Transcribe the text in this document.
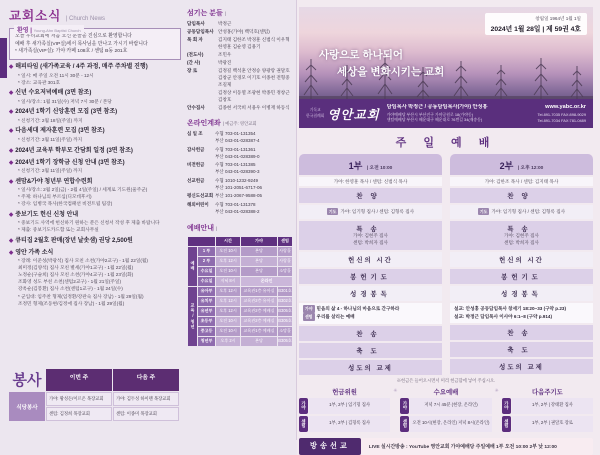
교회소식 | Church News
환영 | Young-Ahn Baptist Church
오늘 우리교회에 처음 오신 분들을 진심으로 환영합니다
예배 후 새가족실(VIP실)에서 목사님을 만나고 가시기 바랍니다
* 새가족실(VIP실): 가야 카페 108호 / 센텀 B동 201호
◆ 해피타임 (새가족교육 / 4주 과정, 매주 주차별 진행)
* 일시: 매 주일 오전 11시 30분 - 12시
* 장소: 교육관 301호
◆ 신년 수요저녁예배 (3면 참조)
* 일시/장소: 1월 31일(수) 저녁 7시 30분 / 본당
◆ 2024년 1학기 신앙훈련 모집 (3면 참조)
* 신청기간: 2월 18일(주일) 까지
◆ 다음세대 제자훈련 모집 (3면 참조)
* 신청기간: 2월 11일(주일) 까지
◆ 2024년 교육부 학부모 간담회 일정 (3면 참조)
◆ 2024년 1학기 장학금 신청 안내 (3면 참조)
* 신청기간: 2월 11일(주일) 까지
◆ 센맘&가야 청년부 연합수련회
* 일시/장소: 2월 2일(금) - 2월 4일(주일) / 세계로 기도원(울주군)
* 주제: 하나님의 부르심(디모데후서)
* 강사: 임병국 목사(한국컴패션 비전트립 팀장)
◆ 중보기도 헌신 신청 안내
* 중보기도 사역에 헌신하기 원하는 분은 신청서 작성 후 제출 바랍니다
* 제출: 중보기도카드함 또는 교회사무실
◆ 큐티집 2월호 판매(장년 날솟샘) 권당 2,500원
◆ 영안 가족 소식
* 장례: 이준성(박광석) 집사 모친 소천(가야2교구) - 1월 22일(월)
최미정(김양석) 집사 모친 별세(가야1교구) - 1월 22일(월)
노정순(구슬희) 집사 모친 소천(가야4교구) - 1월 23일(화)
조화영 성도 부친 소천(센텀2교구) - 1월 21일(주일)
강옥순(김봉환) 집사 소천(센텀1교구) - 1월 24일(수)
* 군입대: 임주찬 형제(임정환/강관숙 집사 장남) - 1월 29일(월)
조정민 형제(조동현/김정애 집사 장남) - 1월 29일(월)
봉사	이번 주	다음 주
식당봉사
가야: 황성돈/이르온 목장교회	가야: 김두성 하이랜 목장교회
센텀: 김정희 목장교회	센텀: 이종미 목장교회
섬기는 분들 |
담임목사	박정근
공동담임목사 안성홍(가야) 백덕호(센텀)
목 회 자	김지태 김한조 박경훈 신범식 이우혁 한영훈 김순영 김용기
(전도사)	조민우
(간 사)	박광진
장 로	김정길 백석훈 안정승 양광랑 권달호 김창군 안경모 이기호 이종천 전형중 조길제
김정상 이동열 조광현 박종민 정창근 김창호
안수집사	김종현 서국희 서용우 이병재 하동식
온라인계좌 | 예금주: 영안교회
십 일 조	수협 703-01-131354
부산 043-01-028387-4
감사헌금	수협 703-01-131361
부산 043-01-028389-0
비전헌금	수협 703-01-131385
부산 043-01-028390-3
선교헌금	수협 1010-1232-9249
부산 101-2051-6717-06
평신도선교회 부산 101-2067-9588-05
해외어린이	수협 703-01-131378
부산 043-01-028388-2
예배안내 |
		시간	가야	센텀
예배	1 부	오전 10시	본당	사랑홀
	2 부	오후 12시	본당	사랑홀
	수요일	오전 10시	본당	소망홀
	수요일	저녁 8시	온라인	
교육/청년	유아부	오후 12시	교육관1층 유아실	B301호
	유치부	오후 12시	교육관2층 유아실	B302호
	유년부	오후 12시	교육관2층 예배실	B305호
	초등부	오전 10시	교육관2층 예배실	B305호
	중고등	오전 10시	교육관1층 예배실	소망홀
	청년부	오후 2시	본당	B305호
창립일 1964년 1월 1일
2024년 1월 28일 | 제 59권 4호
사랑으로 하나되어
세상을 변화시키는 교회
기독교
한국침례회 영안교회
담임목사 박정근 / 공동담임목사(가야) 안성홍
가야예배당 부산시 부산진구 가야공원로 18(가야동)
센텀예배당 부산시 해운대구 해운대로 76번길 34(재송동)
www.yabc.or.kr
Tel.891-7035 FAX:898-9029
Tel.891-7034 FAX:781-0489
주 일 예 배
1부 | 오전 10:00
가야: 한영훈 목사 / 센텀: 신범식 목사
찬양
기도 가야: 임기형 집사 / 센텀: 김형록 집사
특송
가야: 김현주 집사
센텀: 박희자 집사
헌신의 시간
봉헌기도
성경봉독
가야 믿음의 삶 4 - 하나님의 마음으로 간구하라
센텀 우리를 살리는 예배
찬송
축도
성도의 교제
2부 | 오후 12:00
가야: 김한조 목사 / 센텀: 김지태 목사
찬양
기도 가야: 임기형 집사 / 센텀: 김형록 집사
특송
가야: 김현주 집사
센텀: 박희자 집사
헌신의 시간
봉헌기도
성경봉독
설교: 안성홍 공동담임목사 창세기 18:20~33 (구약 p.23)
설교: 박정근 담임목사 이사야 6:1~8 (구약 p.914)
찬송
축도
성도의 교제
※헌금은 들어오시면서 미리 헌금함에 넣어 주십시오.
헌금위원
가야	1부, 2부 | 임기형 집사
센텀	1부, 2부 | 김형록 집사
✳	수요예배
가야	저녁 7시 45분 (현장, 온라인)
센텀	오전 10시(현장, 온라인) 저녁 8시(온라인)
✳	다음주기도
가야	1부, 2부 | 강태환 집사
센텀	1부, 2부 | 권달호 장로
방송선교	LIVE 실시간방송 : YouTube 영안교회 가야예배당 주일예배 1부 오전 10:00 2부 낮 12:00
